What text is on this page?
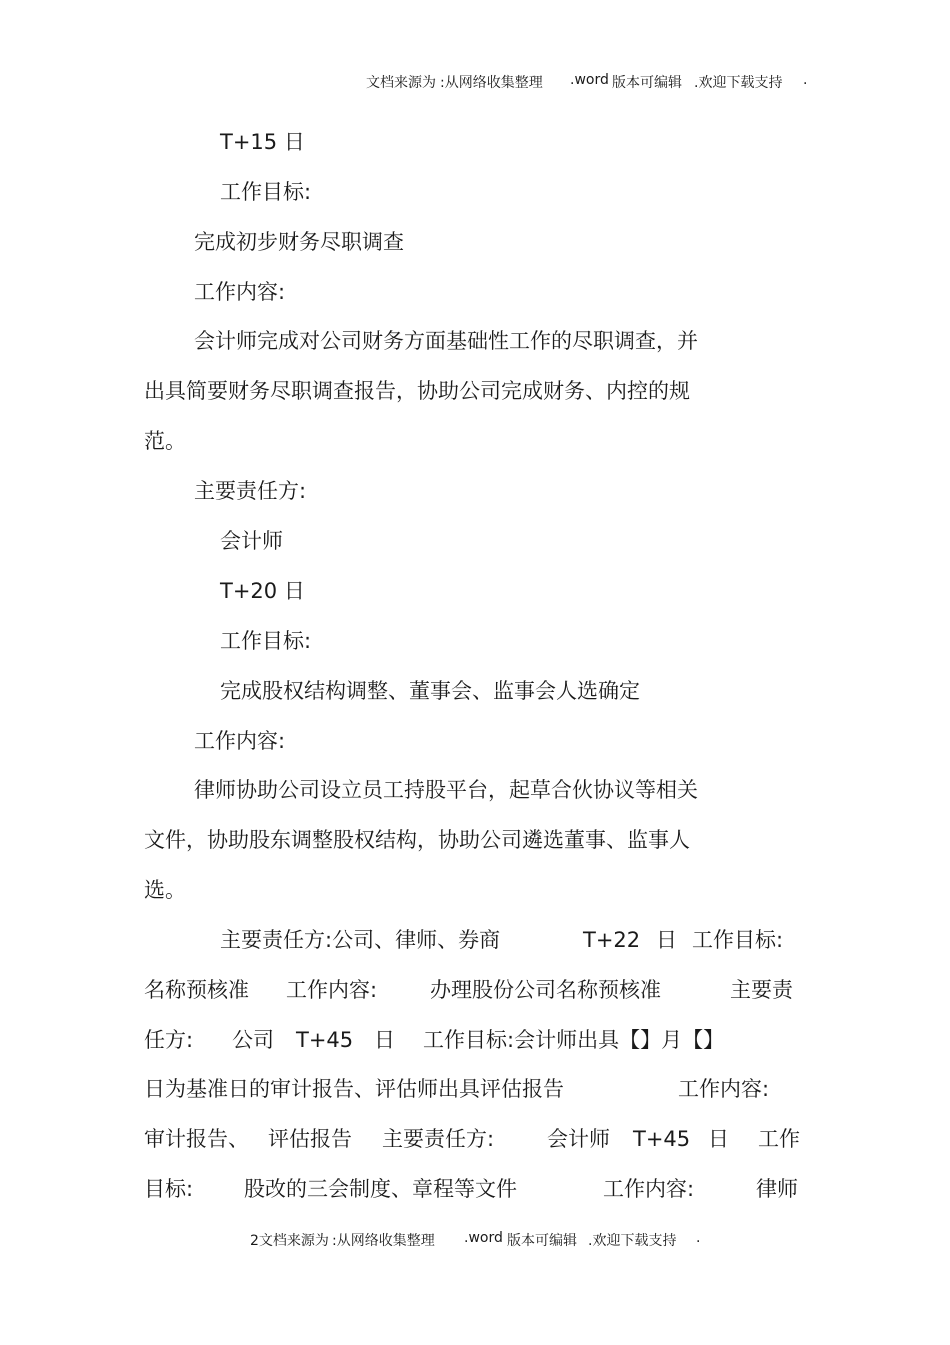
文档来源为 :从网络收集整理 .word 版本可编辑 .欢迎下载支持 .
T+15 日
工作目标:
完成初步财务尽职调查
工作内容:
会计师完成对公司财务方面基础性工作的尽职调查，并
出具简要财务尽职调查报告，协助公司完成财务、内控的规
范。
主要责任方:
会计师
T+20 日
工作目标:
完成股权结构调整、董事会、监事会人选确定
工作内容:
律师协助公司设立员工持股平台，起草合伙协议等相关
文件，协助股东调整股权结构，协助公司遴选董事、监事人
选。
主要责任方:公司、律师、券商	T+22 日 工作目标:
名称预核准 工作内容:	办理股份公司名称预核准	主要责
任方: 公司 T+45 日 工作目标:会计师出具【】月【】
日为基准日的审计报告、评估师出具评估报告	工作内容:
审计报告、 评估报告 主要责任方:	会计师 T+45 日 工作
目标: 股改的三会制度、章程等文件	工作内容:	律师
2文档来源为 :从网络收集整理 .word 版本可编辑 .欢迎下载支持 .
